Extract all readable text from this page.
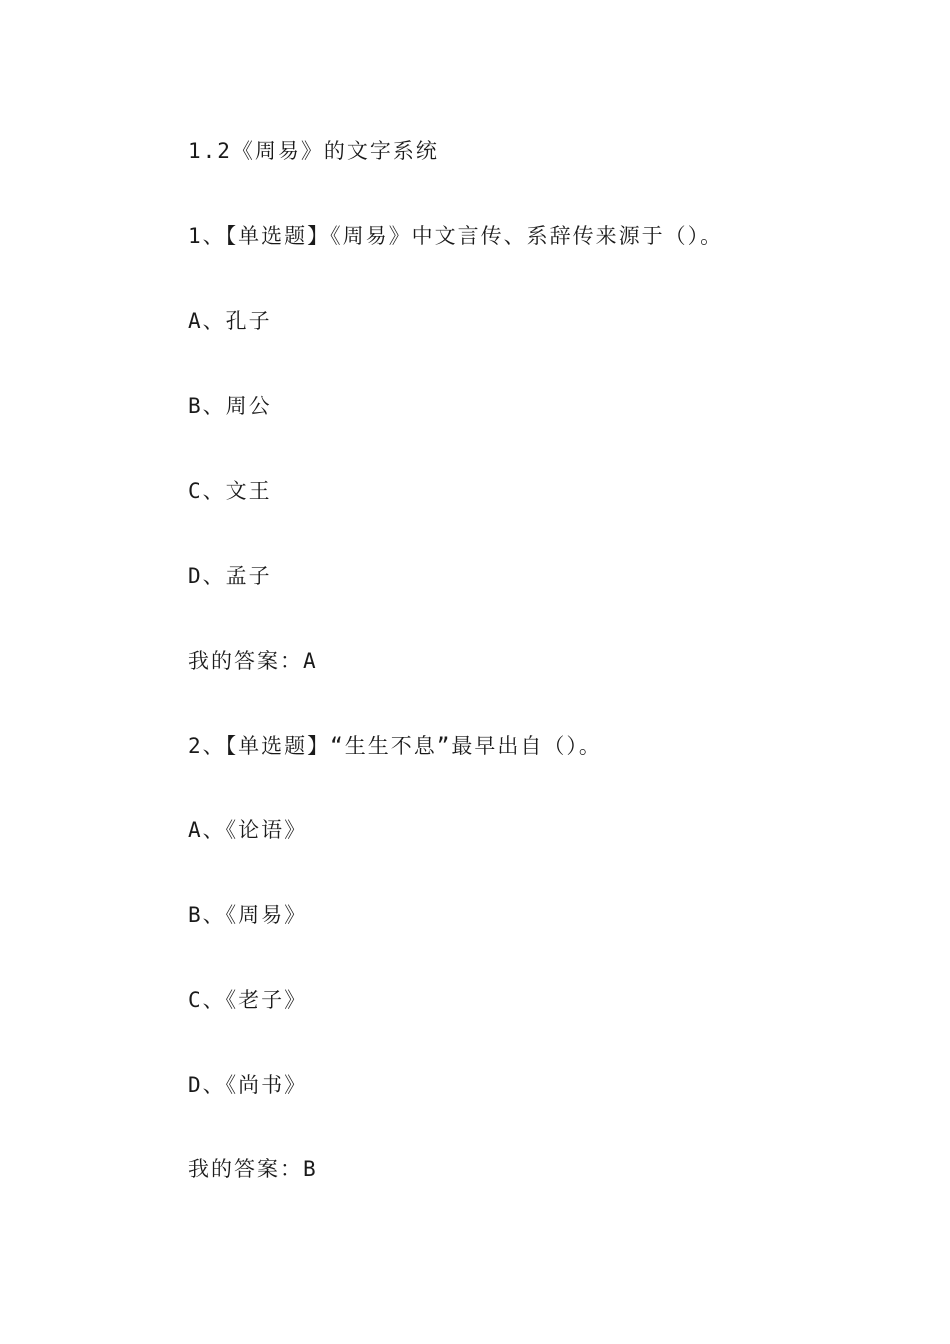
1.2《周易》的文字系统
1、【单选题】《周易》中文言传、系辞传来源于（）。
A、孔子
B、周公
C、文王
D、孟子
我的答案：A
2、【单选题】“生生不息”最早出自（）。
A、《论语》
B、《周易》
C、《老子》
D、《尚书》
我的答案：B
